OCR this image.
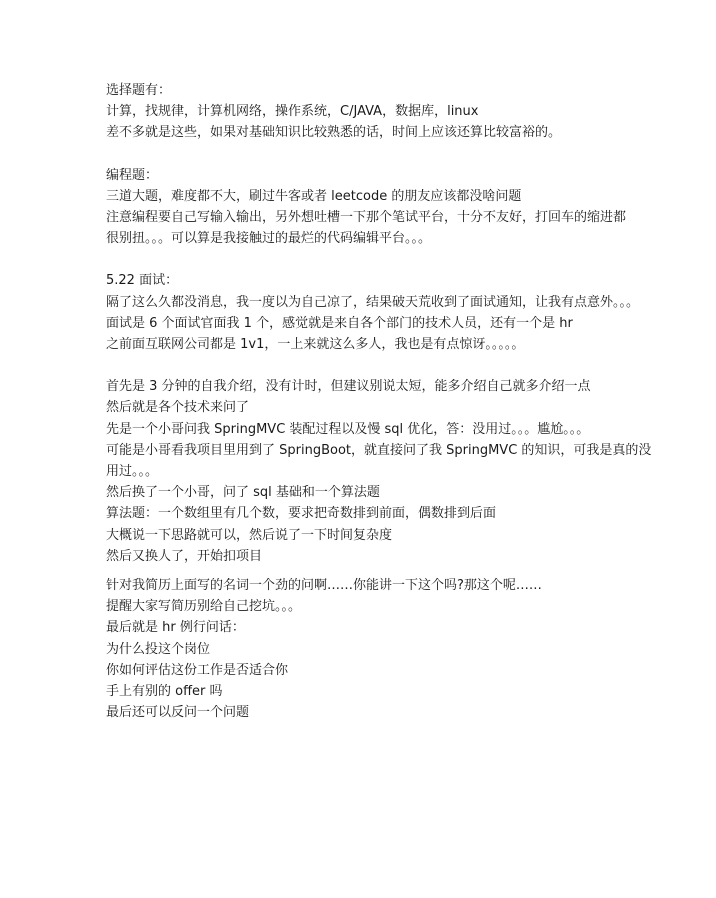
选择题有：
计算，找规律，计算机网络，操作系统，C/JAVA，数据库，linux
差不多就是这些，如果对基础知识比较熟悉的话，时间上应该还算比较富裕的。
编程题：
三道大题，难度都不大，刷过牛客或者 leetcode 的朋友应该都没啥问题
注意编程要自己写输入输出，另外想吐槽一下那个笔试平台，十分不友好，打回车的缩进都
很别扭。。。可以算是我接触过的最烂的代码编辑平台。。。
5.22 面试：
隔了这么久都没消息，我一度以为自己凉了，结果破天荒收到了面试通知，让我有点意外。。。
面试是 6 个面试官面我 1 个，感觉就是来自各个部门的技术人员，还有一个是 hr
之前面互联网公司都是 1v1，一上来就这么多人，我也是有点惊讶。。。。。
首先是 3 分钟的自我介绍，没有计时，但建议别说太短，能多介绍自己就多介绍一点
然后就是各个技术来问了
先是一个小哥问我 SpringMVC 装配过程以及慢 sql 优化，答：没用过。。。尴尬。。。
可能是小哥看我项目里用到了 SpringBoot，就直接问了我 SpringMVC 的知识，可我是真的没
用过。。。
然后换了一个小哥，问了 sql 基础和一个算法题
算法题：一个数组里有几个数，要求把奇数排到前面，偶数排到后面
大概说一下思路就可以，然后说了一下时间复杂度
然后又换人了，开始扣项目
针对我简历上面写的名词一个劲的问啊……你能讲一下这个吗?那这个呢……
提醒大家写简历别给自己挖坑。。。
最后就是 hr 例行问话：
为什么投这个岗位
你如何评估这份工作是否适合你
手上有别的 offer 吗
最后还可以反问一个问题
